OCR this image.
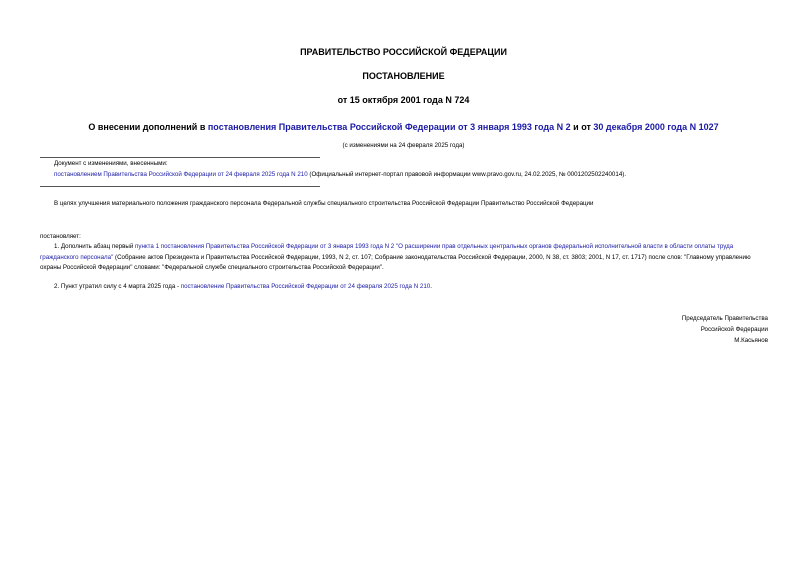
ПРАВИТЕЛЬСТВО РОССИЙСКОЙ ФЕДЕРАЦИИ
ПОСТАНОВЛЕНИЕ
от 15 октября 2001 года N 724
О внесении дополнений в постановления Правительства Российской Федерации от 3 января 1993 года N 2 и от 30 декабря 2000 года N 1027
(с изменениями на 24 февраля 2025 года)
Документ с изменениями, внесенными:
постановлением Правительства Российской Федерации от 24 февраля 2025 года N 210 (Официальный интернет-портал правовой информации www.pravo.gov.ru, 24.02.2025, № 0001202502240014).
В целях улучшения материального положения гражданского персонала Федеральной службы специального строительства Российской Федерации Правительство Российской Федерации
постановляет:
1. Дополнить абзац первый пункта 1 постановления Правительства Российской Федерации от 3 января 1993 года N 2 "О расширении прав отдельных центральных органов федеральной исполнительной власти в области оплаты труда гражданского персонала" (Собрание актов Президента и Правительства Российской Федерации, 1993, N 2, ст. 107; Собрание законодательства Российской Федерации, 2000, N 38, ст. 3803; 2001, N 17, ст. 1717) после слов: "Главному управлению охраны Российской Федерации" словами: "Федеральной службе специального строительства Российской Федерации".
2. Пункт утратил силу с 4 марта 2025 года - постановление Правительства Российской Федерации от 24 февраля 2025 года N 210.
Председатель Правительства
Российской Федерации
М.Касьянов
